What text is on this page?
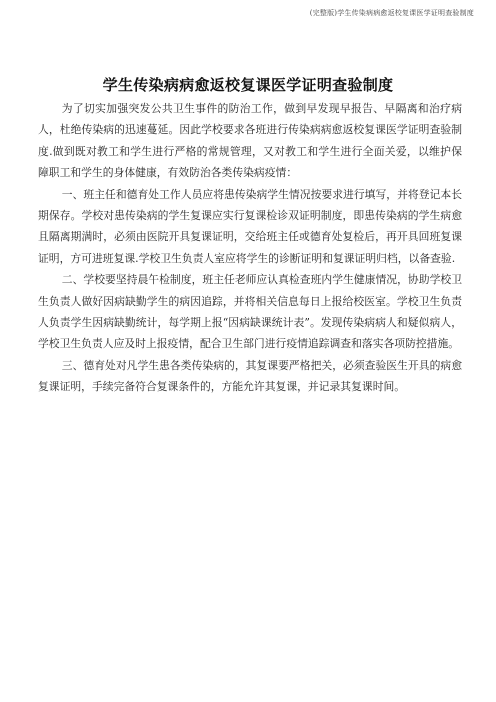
(完整版)学生传染病病愈返校复课医学证明查验制度
学生传染病病愈返校复课医学证明查验制度

为了切实加强突发公共卫生事件的防治工作，做到早发现早报告、早隔离和治疗病人，杜绝传染病的迅速蔓延。因此学校要求各班进行传染病病愈返校复课医学证明查验制度.做到既对教工和学生进行严格的常规管理，又对教工和学生进行全面关爱，以维护保障职工和学生的身体健康，有效防治各类传染病疫情：

一、班主任和德育处工作人员应将患传染病学生情况按要求进行填写，并将登记本长期保存。学校对患传染病的学生复课应实行复课检诊双证明制度，即患传染病的学生病愈且隔离期满时，必须由医院开具复课证明，交给班主任或德育处复检后，再开具回班复课证明，方可进班复课.学校卫生负责人室应将学生的诊断证明和复课证明归档，以备查验.

二、学校要坚持晨午检制度，班主任老师应认真检查班内学生健康情况，协助学校卫生负责人做好因病缺勤学生的病因追踪，并将相关信息每日上报给校医室。学校卫生负责人负责学生因病缺勤统计，每学期上报“因病缺课统计表”。发现传染病病人和疑似病人，学校卫生负责人应及时上报疫情，配合卫生部门进行疫情追踪调查和落实各项防控措施。

三、德育处对凡学生患各类传染病的，其复课要严格把关，必须查验医生开具的病愈复课证明，手续完备符合复课条件的，方能允许其复课，并记录其复课时间。
